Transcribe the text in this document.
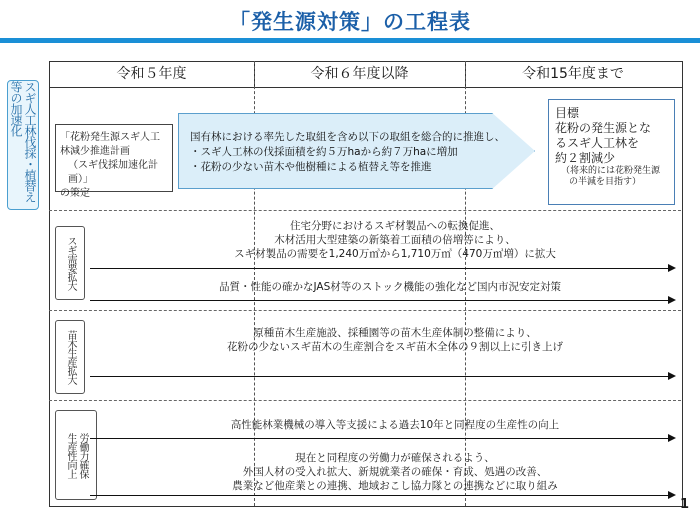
「発生源対策」の工程表
スギ人工林伐採・植替え等の加速化
令和５年度	令和６年度以降	令和15年度まで
「花粉発生源スギ人工
林減少推進計画
（スギ伐採加速化計画）」
の策定
国有林における率先した取組を含め以下の取組を総合的に推進し、
・スギ人工林の伐採面積を約５万haから約７万haに増加
・花粉の少ない苗木や他樹種による植替え等を推進
目標
花粉の発生源とな
るスギ人工林を
約２割減少
（将来的には花粉発生源
の半減を目指す）
スギ需要拡大
住宅分野におけるスギ材製品への転換促進、
木材活用大型建築の新築着工面積の倍増等により、
スギ材製品の需要を1,240万㎥から1,710万㎥（470万㎥増）に拡大
品質・性能の確かなJAS材等のストック機能の強化など国内市況安定対策
苗木生産拡大	原種苗木生産施設、採種園等の苗木生産体制の整備により、
花粉の少ないスギ苗木の生産割合をスギ苗木全体の９割以上に引き上げ
労働力確保
生産性向上
高性能林業機械の導入等支援による過去10年と同程度の生産性の向上
現在と同程度の労働力が確保されるよう、
外国人材の受入れ拡大、新規就業者の確保・育成、処遇の改善、
農業など他産業との連携、地域おこし協力隊との連携などに取り組み
1
